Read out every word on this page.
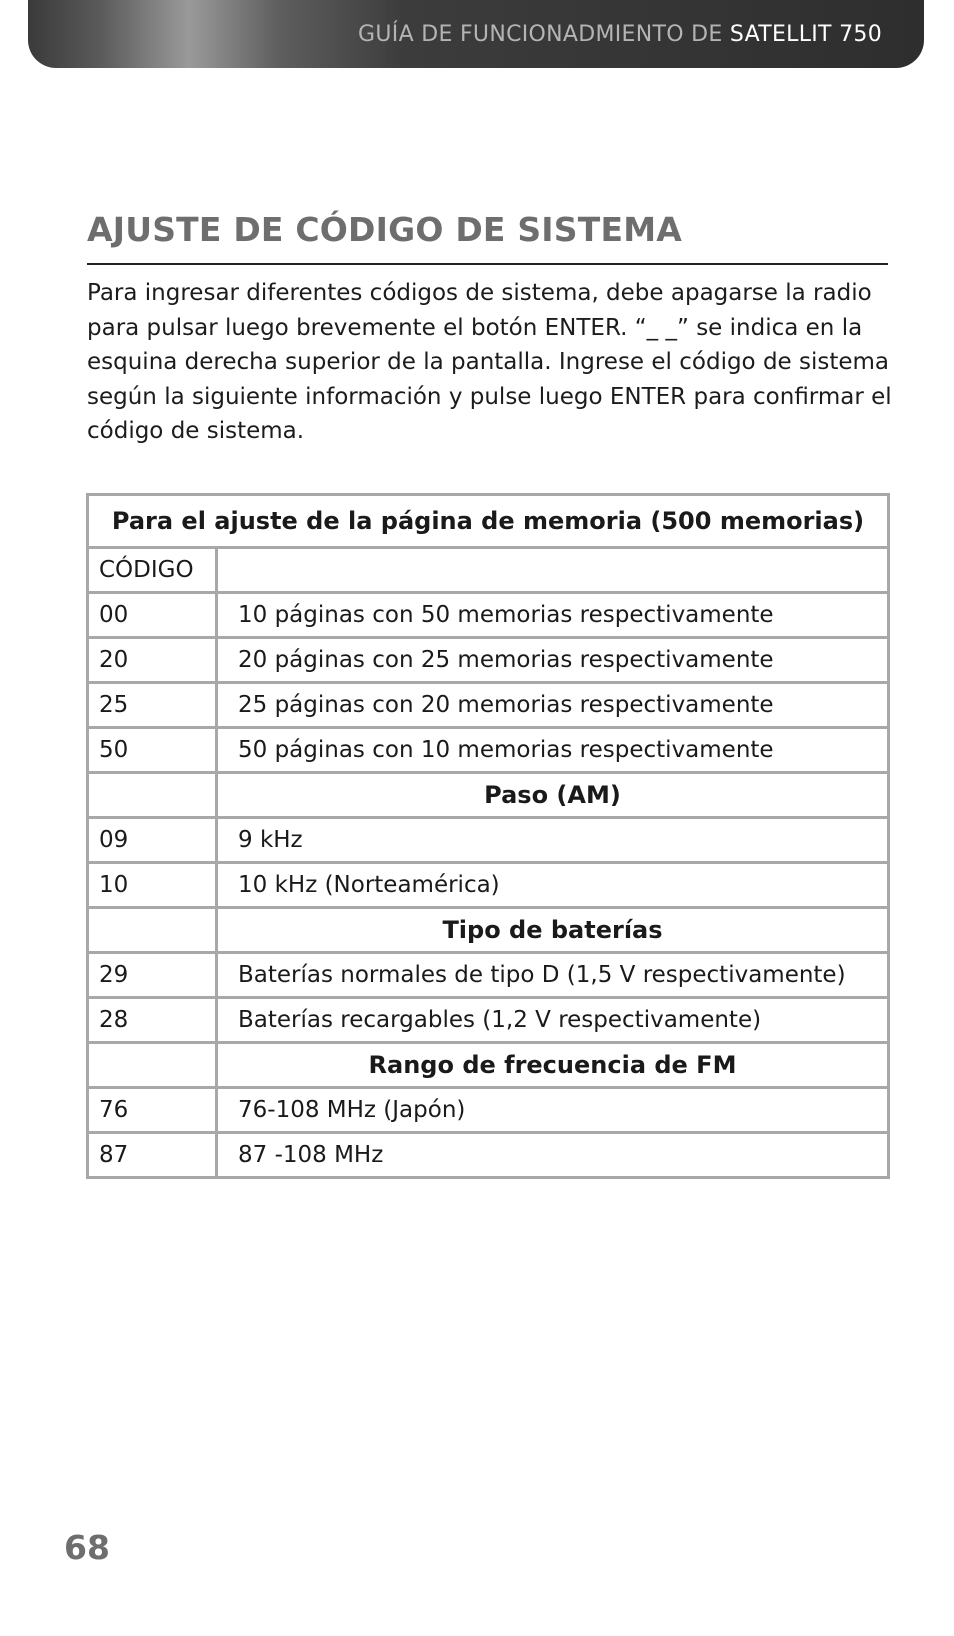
GUÍA DE FUNCIONADMIENTO DE SATELLIT 750
AJUSTE DE CÓDIGO DE SISTEMA

Para ingresar diferentes códigos de sistema, debe apagarse la radio para pulsar luego brevemente el botón ENTER. “_ _” se indica en la esquina derecha superior de la pantalla. Ingrese el código de sistema según la siguiente información y pulse luego ENTER para confirmar el código de sistema.

Para el ajuste de la página de memoria (500 memorias)	
CÓDIGO	
00	10 páginas con 50 memorias respectivamente
20	20 páginas con 25 memorias respectivamente
25	25 páginas con 20 memorias respectivamente
50	50 páginas con 10 memorias respectivamente
	Paso (AM)
09	9 kHz
10	10 kHz (Norteamérica)
	Tipo de baterías
29	Baterías normales de tipo D (1,5 V respectivamente)
28	Baterías recargables (1,2 V respectivamente)
	Rango de frecuencia de FM
76	76-108 MHz (Japón)
87	87 -108 MHz
68
